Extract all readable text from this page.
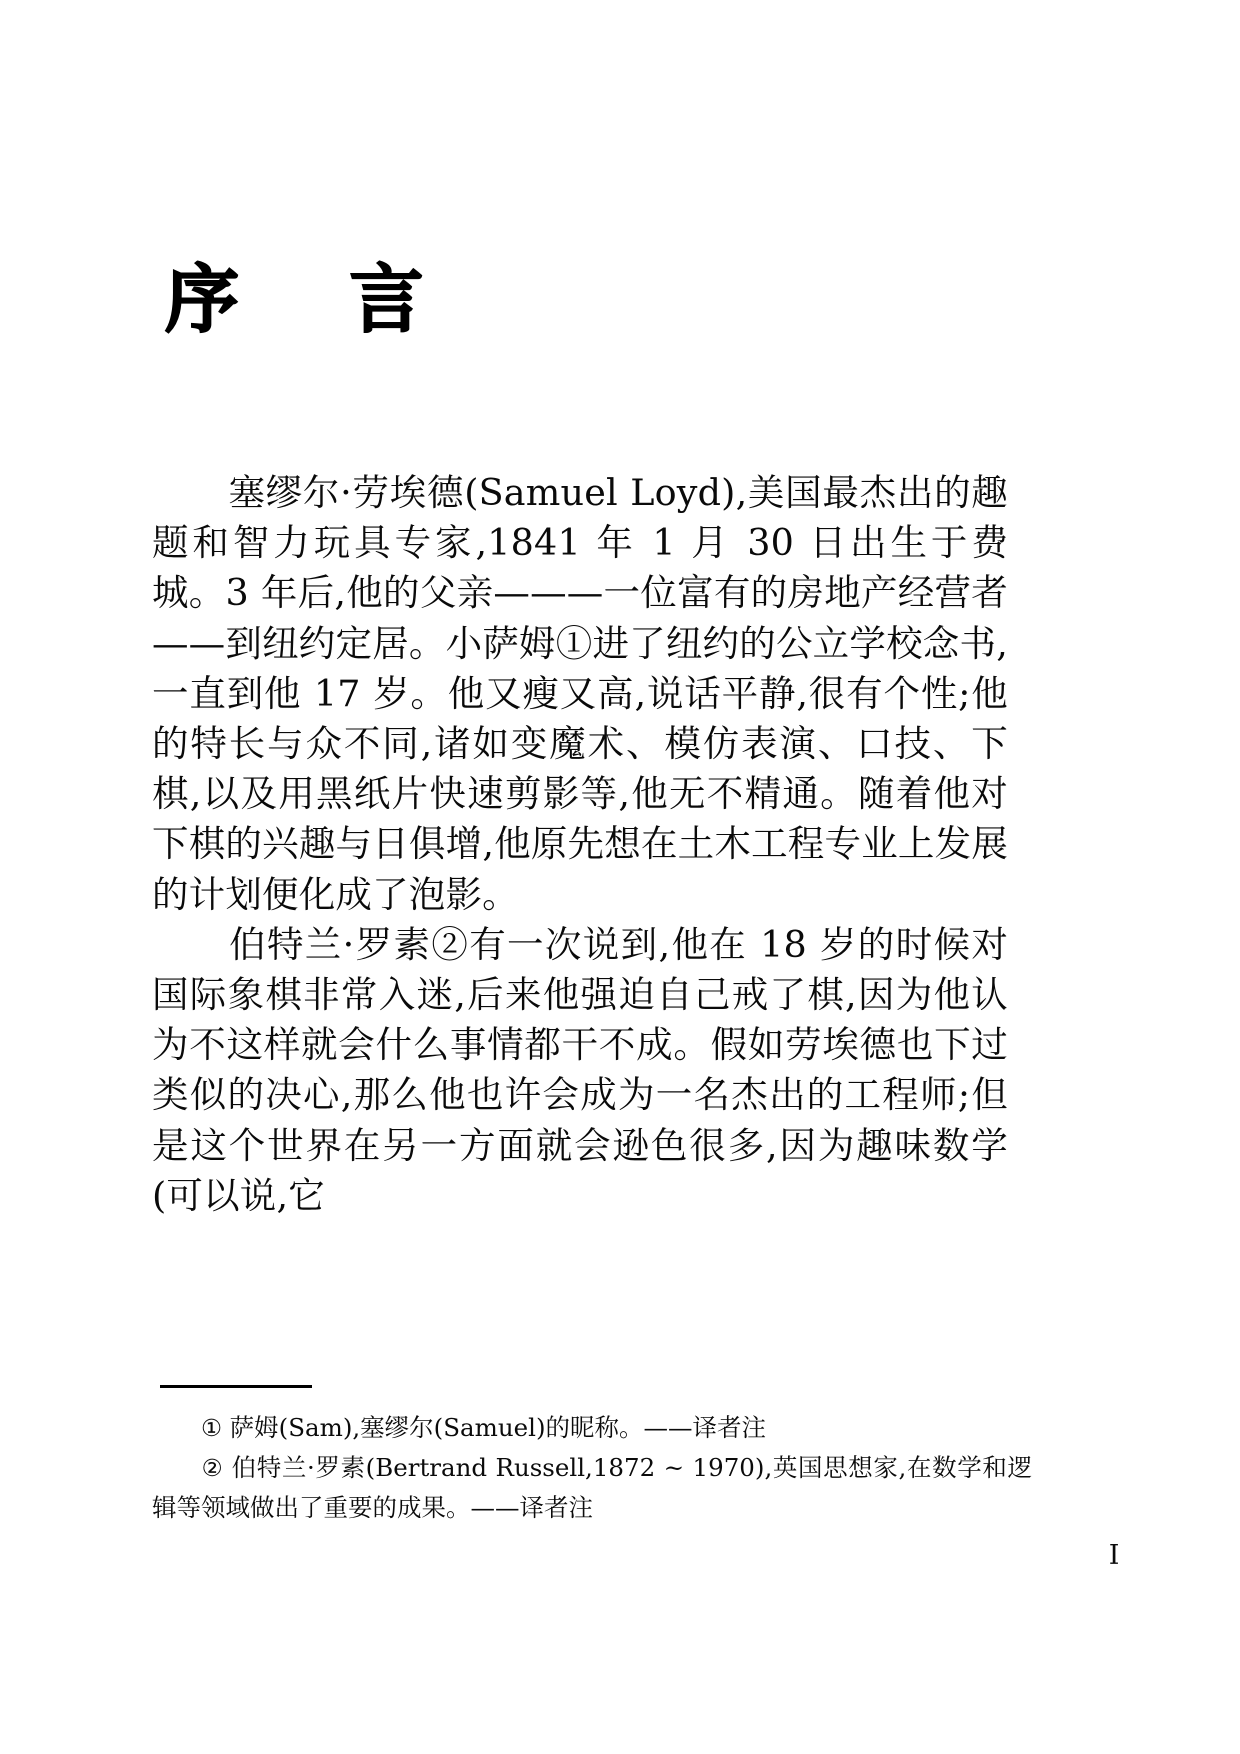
序    言

塞缪尔·劳埃德(Samuel Loyd),美国最杰出的趣题和智力玩具专家,1841 年 1 月 30 日出生于费城。3 年后,他的父亲———一位富有的房地产经营者——到纽约定居。小萨姆①进了纽约的公立学校念书,一直到他 17 岁。他又瘦又高,说话平静,很有个性;他的特长与众不同,诸如变魔术、模仿表演、口技、下棋,以及用黑纸片快速剪影等,他无不精通。随着他对下棋的兴趣与日俱增,他原先想在土木工程专业上发展的计划便化成了泡影。

伯特兰·罗素②有一次说到,他在 18 岁的时候对国际象棋非常入迷,后来他强迫自己戒了棋,因为他认为不这样就会什么事情都干不成。假如劳埃德也下过类似的决心,那么他也许会成为一名杰出的工程师;但是这个世界在另一方面就会逊色很多,因为趣味数学(可以说,它

① 萨姆(Sam),塞缪尔(Samuel)的昵称。——译者注

② 伯特兰·罗素(Bertrand Russell,1872 ~ 1970),英国思想家,在数学和逻辑等领域做出了重要的成果。——译者注

I
